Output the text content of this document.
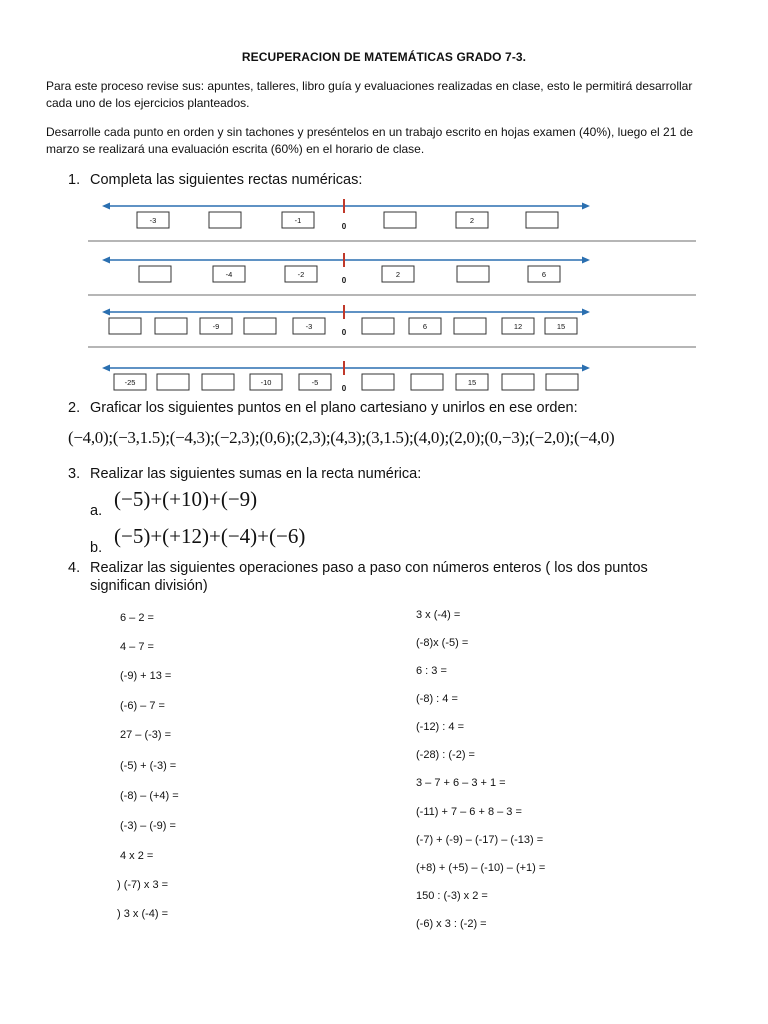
RECUPERACION DE MATEMÁTICAS GRADO 7-3.
Para este proceso revise sus: apuntes, talleres, libro guía y evaluaciones realizadas en clase, esto le permitirá desarrollar
cada uno de los ejercicios planteados.
Desarrolle cada punto en orden y sin tachones y preséntelos en un trabajo escrito en hojas examen (40%), luego el 21 de
marzo se realizará una evaluación escrita (60%) en el horario de clase.
1. Completa las siguientes rectas numéricas:
0
-3	-1	2
0
-4	-2	2	6
0
-9	-3	6	12	15
0
-25	-10	-5	15
2. Graficar los siguientes puntos en el plano cartesiano y unirlos en ese orden:
(−4,0);(−3,1.5);(−4,3);(−2,3);(0,6);(2,3);(4,3);(3,1.5);(4,0);(2,0);(0,−3);(−2,0);(−4,0)
3. Realizar las siguientes sumas en la recta numérica:
a. (−5)+(+10)+(−9)
b. (−5)+(+12)+(−4)+(−6)
4. Realizar las siguientes operaciones paso a paso con números enteros ( los dos puntos
significan división)
6 – 2 =
4 – 7 =
(-9) + 13 =
(-6) – 7 =
27 – (-3) =
(-5) + (-3) =
(-8) – (+4) =
(-3) – (-9) =
4 x 2 =
) (-7) x 3 =
) 3 x (-4) =
3 x (-4) =
(-8)x (-5) =
6 : 3 =
(-8) : 4 =
(-12) : 4 =
(-28) : (-2) =
3 – 7 + 6 – 3 + 1 =
(-11) + 7 – 6 + 8 – 3 =
(-7) + (-9) – (-17) – (-13) =
(+8) + (+5) – (-10) – (+1) =
150 : (-3) x 2 =
(-6) x 3 : (-2) =
